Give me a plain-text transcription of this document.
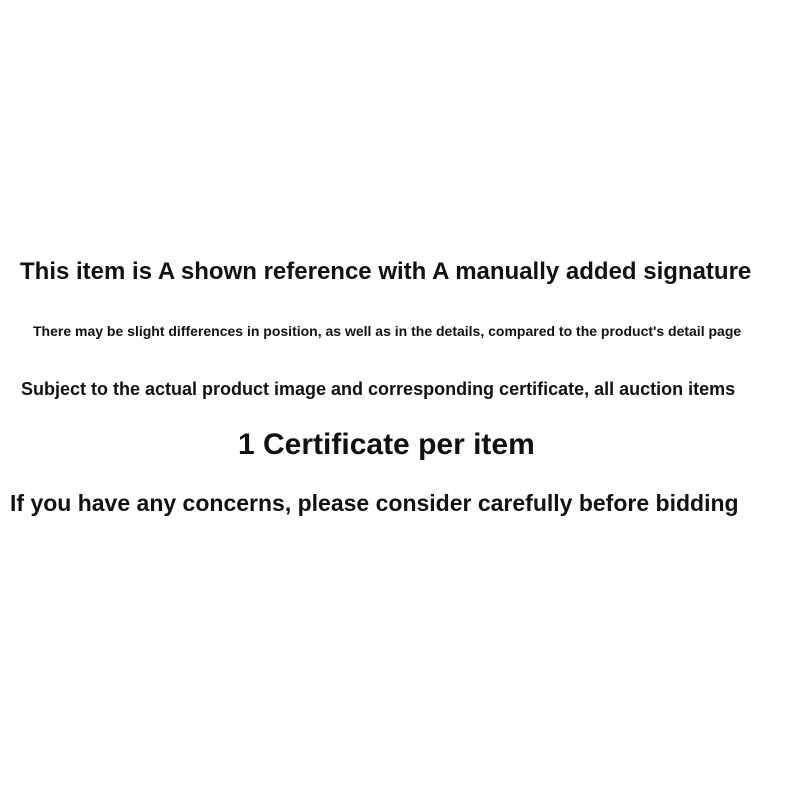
This item is A shown reference with A manually added signature

There may be slight differences in position, as well as in the details, compared to the product's detail page

Subject to the actual product image and corresponding certificate, all auction items

1 Certificate per item

If you have any concerns, please consider carefully before bidding
